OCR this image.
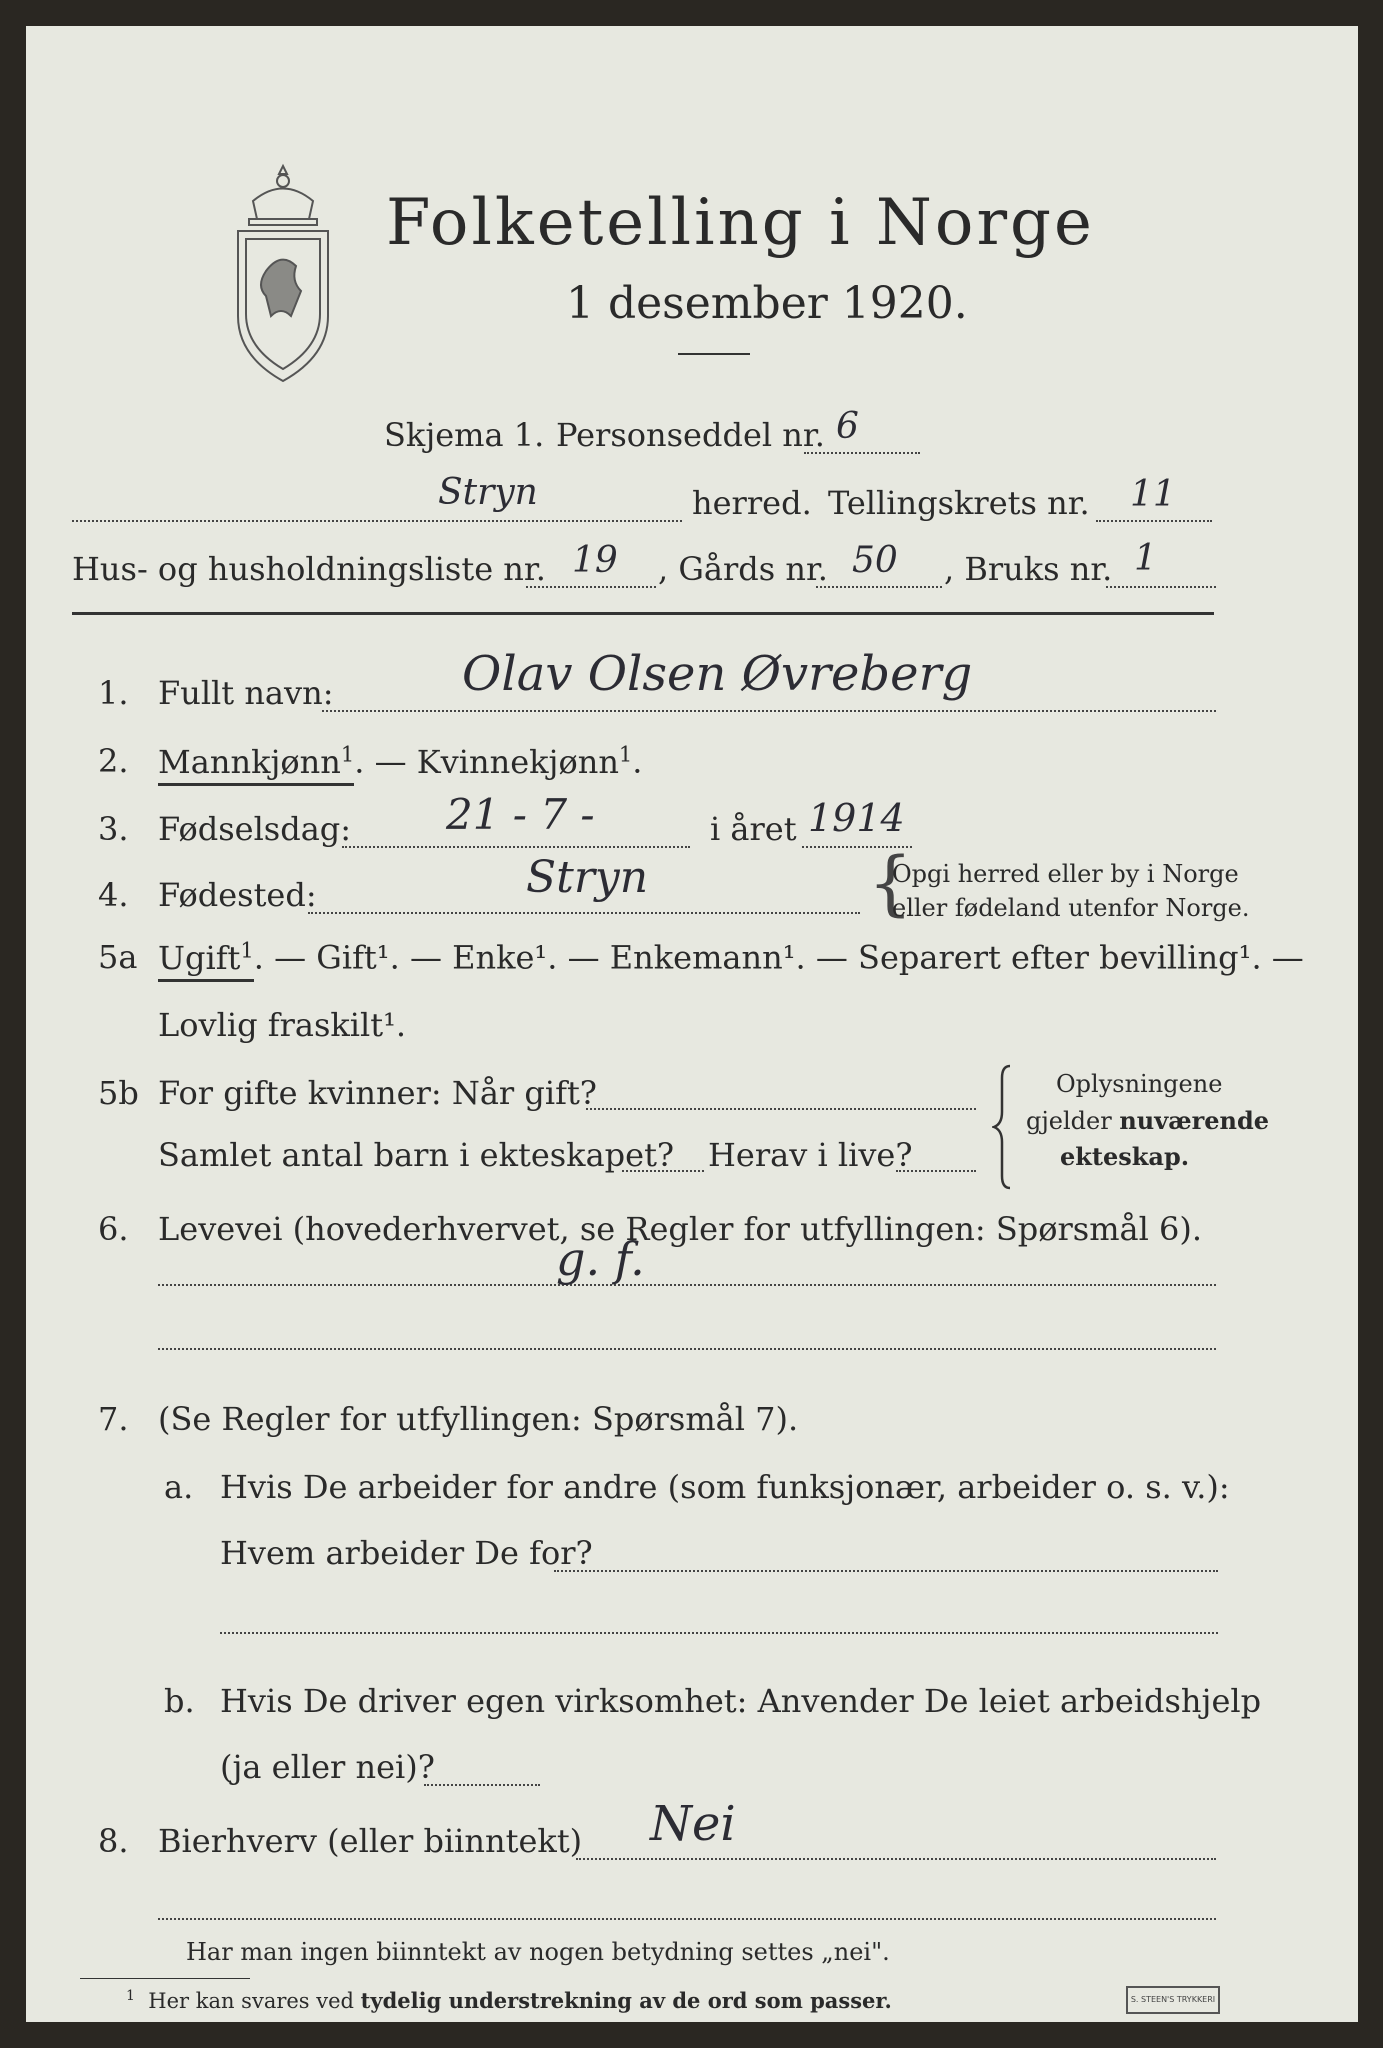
Folketelling i Norge
1 desember 1920.
Skjema 1. Personseddel nr. 6
Stryn	herred. Tellingskrets nr. 11
Hus- og husholdningsliste nr. 19 , Gårds nr. 50 , Bruks nr. 1
1. Fullt navn:	Olav Olsen Øvreberg
2. Mannkjønn$^1$. — Kvinnekjønn$^1$.
3. Fødselsdag: 21 - 7 -	i året 1914
4. Fødested:	Stryn	{
Opgi herred eller by i Norge
eller fødeland utenfor Norge.
5a Ugift$^1$. — Gift¹. — Enke¹. — Enkemann¹. — Separert efter bevilling¹. —
Lovlig fraskilt¹.
5b For gifte kvinner: Når gift?
Samlet antal barn i ekteskapet? Herav i live?
Oplysningene
gjelder nuværende
ekteskap.
6. Levevei (hovederhvervet, se Regler for utfyllingen: Spørsmål 6).
g. f.
7. (Se Regler for utfyllingen: Spørsmål 7).
a. Hvis De arbeider for andre (som funksjonær, arbeider o. s. v.):
Hvem arbeider De for?
b. Hvis De driver egen virksomhet: Anvender De leiet arbeidshjelp
(ja eller nei)?
8. Bierhverv (eller biinntekt) Nei
Har man ingen biinntekt av nogen betydning settes „nei".
$^1$ Her kan svares ved tydelig understrekning av de ord som passer.	S. STEEN'S TRYKKERI
